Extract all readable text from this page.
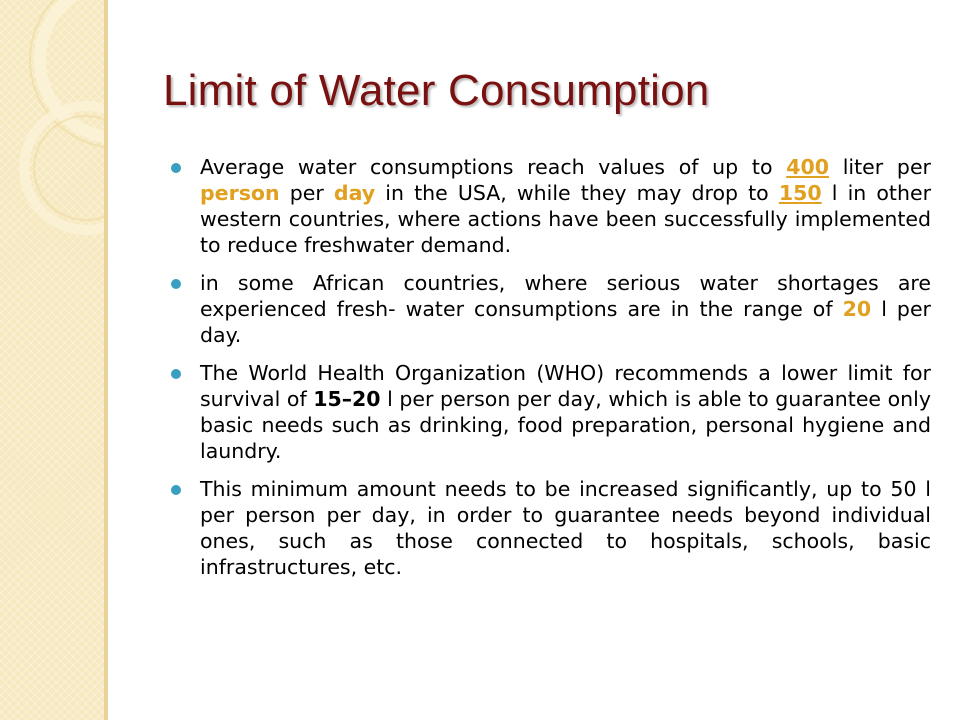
Limit of Water Consumption
Average water consumptions reach values of up to 400 liter per person per day in the USA, while they may drop to 150 l in other western countries, where actions have been successfully implemented to reduce freshwater demand.
in some African countries, where serious water shortages are experienced fresh- water consumptions are in the range of 20 l per day.
The World Health Organization (WHO) recommends a lower limit for survival of 15–20 l per person per day, which is able to guarantee only basic needs such as drinking, food preparation, personal hygiene and laundry.
This minimum amount needs to be increased significantly, up to 50 l per person per day, in order to guarantee needs beyond individual ones, such as those connected to hospitals, schools, basic infrastructures, etc.
